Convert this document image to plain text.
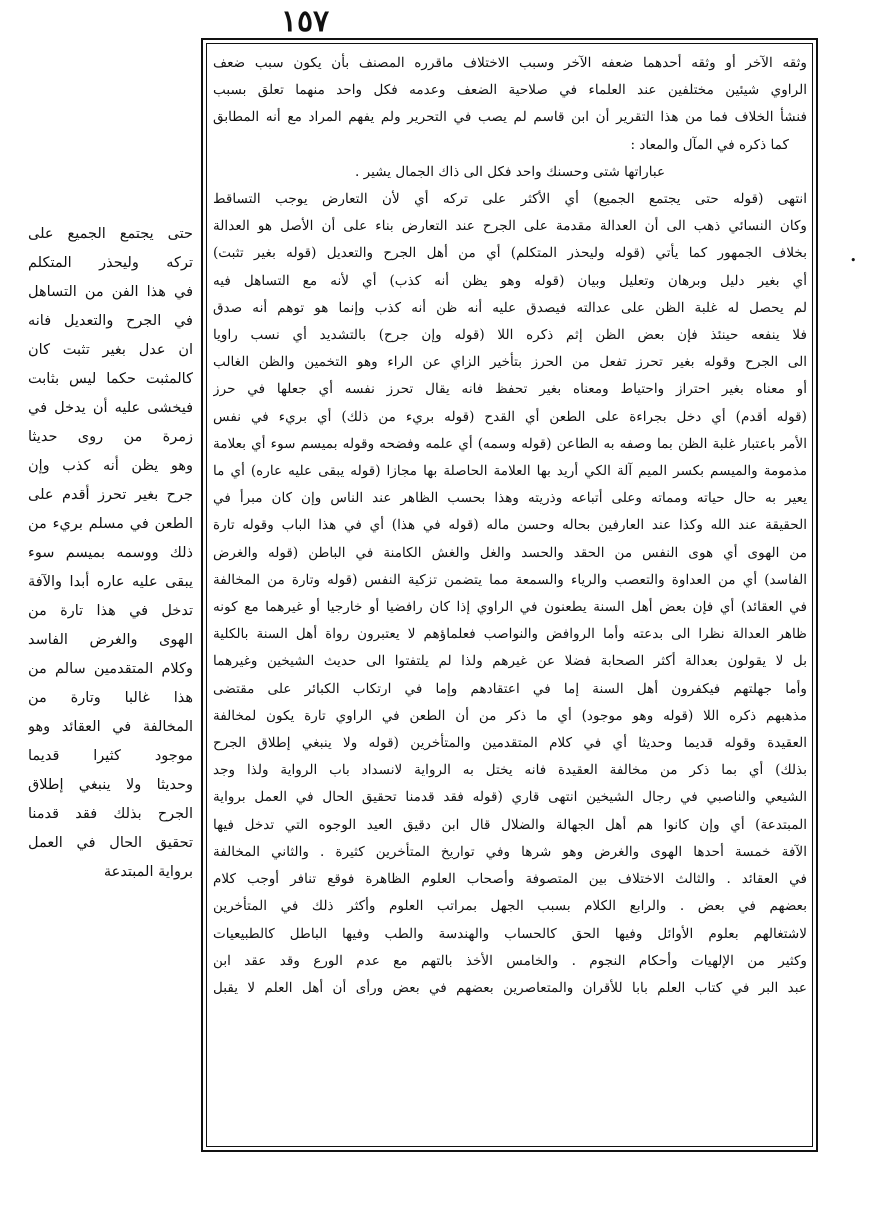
١٥٧
•
وثقه الآخر أو وثقه أحدهما ضعفه الآخر وسبب الاختلاف ماقرره المصنف بأن يكون سبب ضعف
الراوي شيئين مختلفين عند العلماء في صلاحية الضعف وعدمه فكل واحد منهما تعلق بسبب
فنشأ الخلاف فما من هذا التقرير أن ابن قاسم لم يصب في التحرير ولم يفهم المراد مع أنه المطابق
كما ذكره في المآل والمعاد :
عباراتها شتى وحسنك واحد فكل الى ذاك الجمال يشير .
انتهى (قوله حتى يجتمع الجميع) أي الأكثر على تركه أي لأن التعارض يوجب التساقط
وكان النسائي ذهب الى أن العدالة مقدمة على الجرح عند التعارض بناء على أن الأصل هو العدالة
بخلاف الجمهور كما يأتي (قوله وليحذر المتكلم) أي من أهل الجرح والتعديل (قوله بغير تثبت)
أي بغير دليل وبرهان وتعليل وبيان (قوله وهو يظن أنه كذب) أي لأنه مع التساهل فيه
لم يحصل له غلبة الظن على عدالته فيصدق عليه أنه ظن أنه كذب وإنما هو توهم أنه صدق
فلا ينفعه حينئذ فإن بعض الظن إثم ذكره اللا (قوله وإن جرح) بالتشديد أي نسب راويا
الى الجرح وقوله بغير تحرز تفعل من الحرز بتأخير الزاي عن الراء وهو التخمين والظن الغالب
أو معناه بغير احتراز واحتياط ومعناه بغير تحفظ فانه يقال تحرز نفسه أي جعلها في حرز
(قوله أقدم) أي دخل بجراءة على الطعن أي القدح (قوله بريء من ذلك) أي بريء في نفس
الأمر باعتبار غلبة الظن بما وصفه به الطاعن (قوله وسمه) أي علمه وفضحه وقوله بميسم سوء أي بعلامة
مذمومة والميسم بكسر الميم آلة الكي أريد بها العلامة الحاصلة بها مجازا (قوله يبقى عليه عاره) أي ما
يعير به حال حياته ومماته وعلى أتباعه وذريته وهذا بحسب الظاهر عند الناس وإن كان مبرأ في
الحقيقة عند الله وكذا عند العارفين بحاله وحسن ماله (قوله في هذا) أي في هذا الباب وقوله تارة
من الهوى أي هوى النفس من الحقد والحسد والغل والغش الكامنة في الباطن (قوله والغرض
الفاسد) أي من العداوة والتعصب والرياء والسمعة مما يتضمن تزكية النفس (قوله وتارة من المخالفة
في العقائد) أي فإن بعض أهل السنة يطعنون في الراوي إذا كان رافضيا أو خارجيا أو غيرهما مع كونه
ظاهر العدالة نظرا الى بدعته وأما الروافض والنواصب فعلماؤهم لا يعتبرون رواة أهل السنة بالكلية
بل لا يقولون بعدالة أكثر الصحابة فضلا عن غيرهم ولذا لم يلتفتوا الى حديث الشيخين وغيرهما
وأما جهلتهم فيكفرون أهل السنة إما في اعتقادهم وإما في ارتكاب الكبائر على مقتضى
مذهبهم ذكره اللا (قوله وهو موجود) أي ما ذكر من أن الطعن في الراوي تارة يكون لمخالفة
العقيدة وقوله قديما وحديثا أي في كلام المتقدمين والمتأخرين (قوله ولا ينبغي إطلاق الجرح
بذلك) أي بما ذكر من مخالفة العقيدة فانه يختل به الرواية لانسداد باب الرواية ولذا وجد
الشيعي والناصبي في رجال الشيخين انتهى قاري (قوله فقد قدمنا تحقيق الحال في العمل برواية
المبتدعة) أي وإن كانوا هم أهل الجهالة والضلال قال ابن دقيق العيد الوجوه التي تدخل فيها
الآفة خمسة أحدها الهوى والغرض وهو شرها وفي تواريخ المتأخرين كثيرة . والثاني المخالفة
في العقائد . والثالث الاختلاف بين المتصوفة وأصحاب العلوم الظاهرة فوقع تنافر أوجب كلام
بعضهم في بعض . والرابع الكلام بسبب الجهل بمراتب العلوم وأكثر ذلك في المتأخرين
لاشتغالهم بعلوم الأوائل وفيها الحق كالحساب والهندسة والطب وفيها الباطل كالطبيعيات
وكثير من الإلهيات وأحكام النجوم . والخامس الأخذ بالتهم مع عدم الورع وقد عقد ابن
عبد البر في كتاب العلم بابا للأقران والمتعاصرين بعضهم في بعض ورأى أن أهل العلم لا يقبل
حتى يجتمع الجميع على
تركه وليحذر المتكلم
في هذا الفن من التساهل
في الجرح والتعديل فانه
ان عدل بغير تثبت كان
كالمثبت حكما ليس بثابت
فيخشى عليه أن يدخل في
زمرة من روى حديثا
وهو يظن أنه كذب وإن
جرح بغير تحرز أقدم على
الطعن في مسلم بريء من
ذلك ووسمه بميسم سوء
يبقى عليه عاره أبدا والآفة
تدخل في هذا تارة من
الهوى والغرض الفاسد
وكلام المتقدمين سالم من
هذا غالبا وتارة من
المخالفة في العقائد وهو
موجود كثيرا قديما
وحديثا ولا ينبغي إطلاق
الجرح بذلك فقد قدمنا
تحقيق الحال في العمل
برواية المبتدعة
